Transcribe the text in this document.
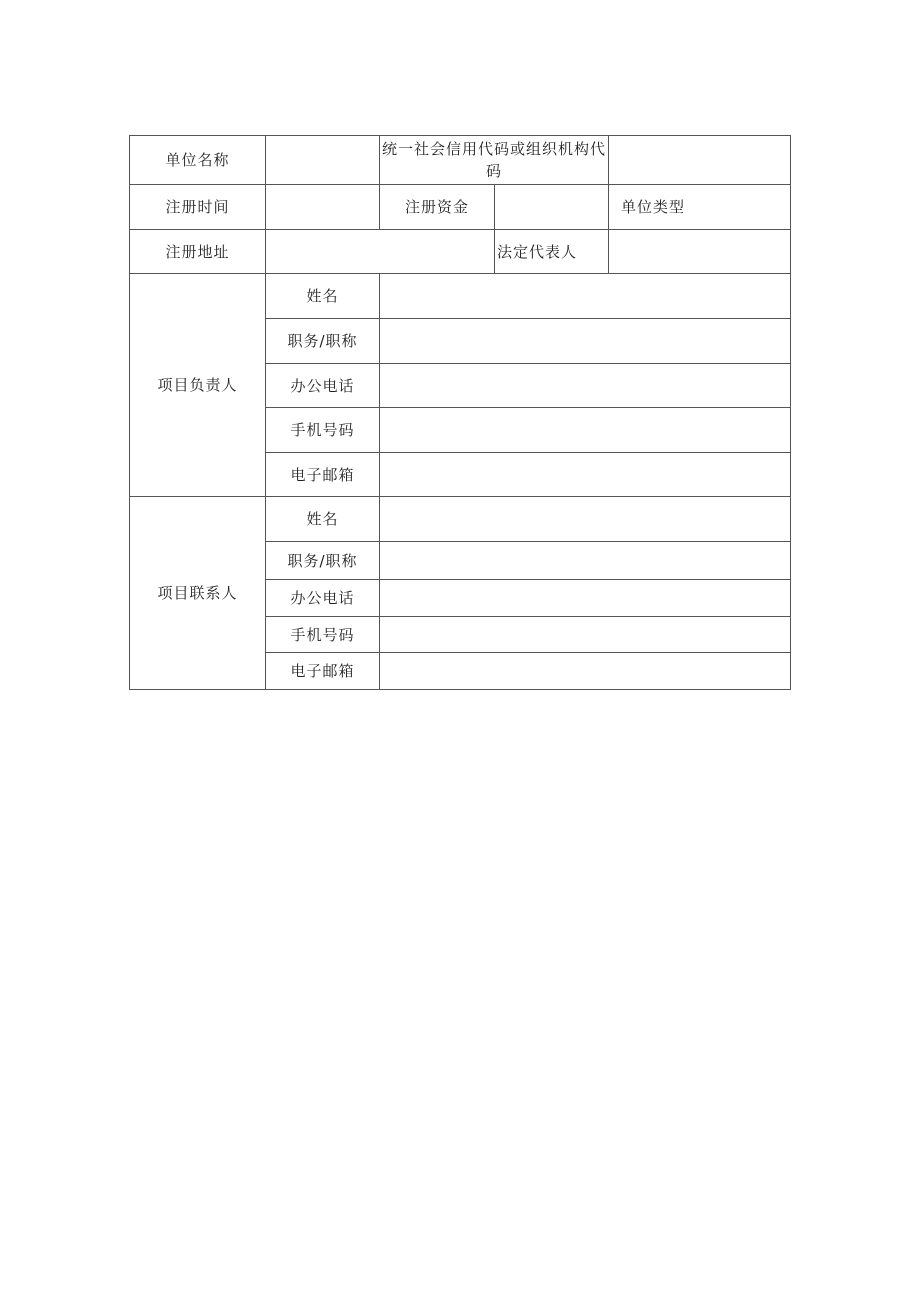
单位名称		统一社会信用代码或组织机构代码		
注册时间		注册资金		单位类型
注册地址			法定代表人	
项目负责人	姓名			
	职务/职称			
	办公电话			
	手机号码			
	电子邮箱			
项目联系人	姓名			
	职务/职称			
	办公电话			
	手机号码			
	电子邮箱			
